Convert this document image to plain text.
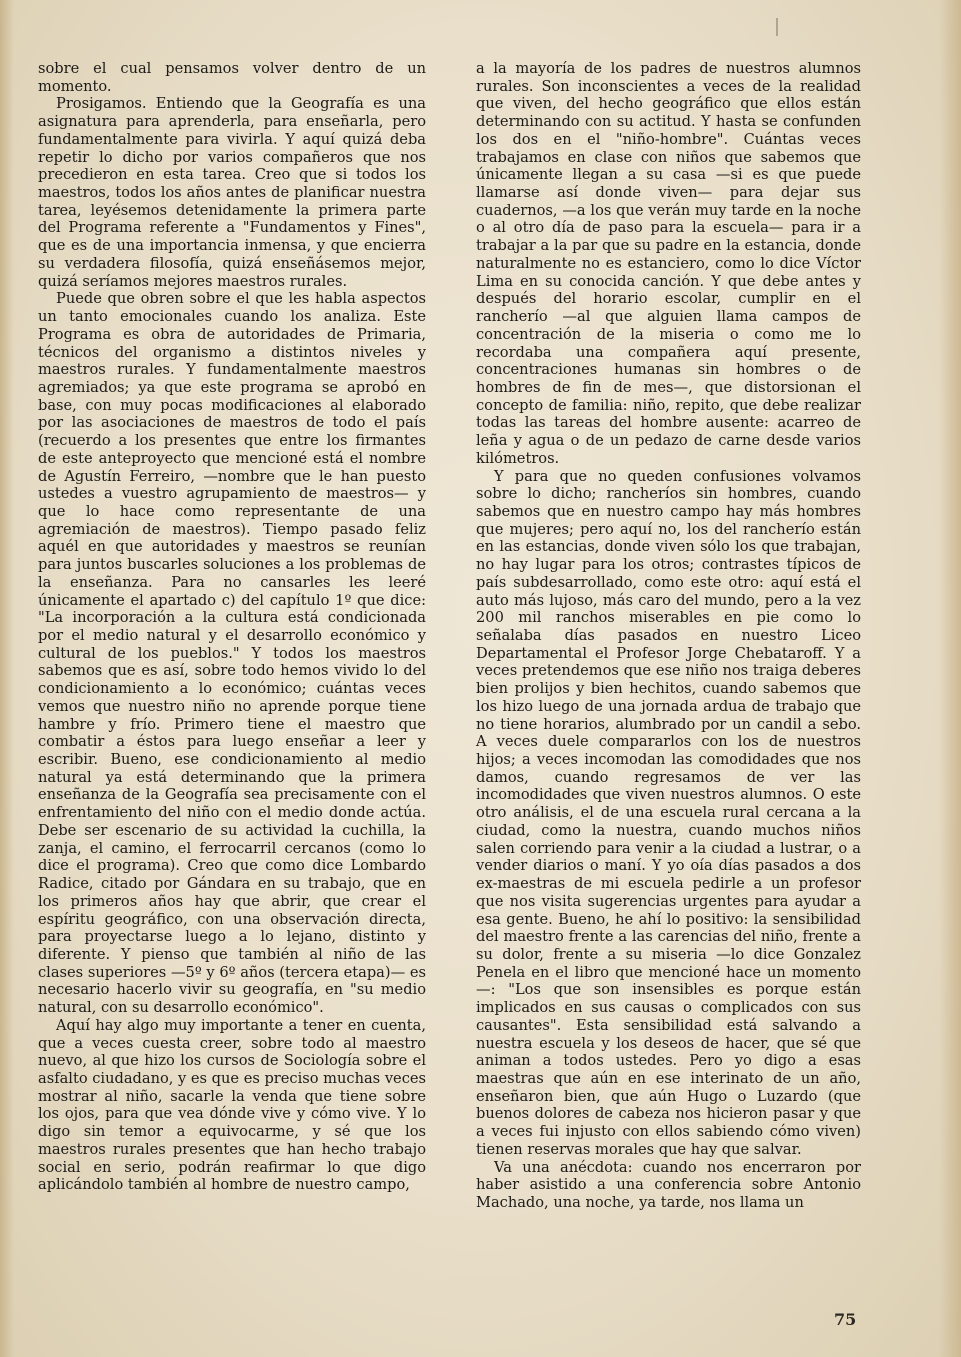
sobre el cual pensamos volver dentro de un momento.

Prosigamos. Entiendo que la Geografía es una asignatura para aprenderla, para enseñarla, pero fundamentalmente para vivirla. Y aquí quizá deba repetir lo dicho por varios compañeros que nos precedieron en esta tarea. Creo que si todos los maestros, todos los años antes de planificar nuestra tarea, leyésemos detenidamente la primera parte del Programa referente a "Fundamentos y Fines", que es de una importancia inmensa, y que encierra su verdadera filosofía, quizá enseñásemos mejor, quizá seríamos mejores maestros rurales.

Puede que obren sobre el que les habla aspectos un tanto emocionales cuando los analiza. Este Programa es obra de autoridades de Primaria, técnicos del organismo a distintos niveles y maestros rurales. Y fundamentalmente maestros agremiados; ya que este programa se aprobó en base, con muy pocas modificaciones al elaborado por las asociaciones de maestros de todo el país (recuerdo a los presentes que entre los firmantes de este anteproyecto que mencioné está el nombre de Agustín Ferreiro, —nombre que le han puesto ustedes a vuestro agrupamiento de maestros— y que lo hace como representante de una agremiación de maestros). Tiempo pasado feliz aquél en que autoridades y maestros se reunían para juntos buscarles soluciones a los problemas de la enseñanza. Para no cansarles les leeré únicamente el apartado c) del capítulo 1º que dice: "La incorporación a la cultura está condicionada por el medio natural y el desarrollo económico y cultural de los pueblos." Y todos los maestros sabemos que es así, sobre todo hemos vivido lo del condicionamiento a lo económico; cuántas veces vemos que nuestro niño no aprende porque tiene hambre y frío. Primero tiene el maestro que combatir a éstos para luego enseñar a leer y escribir. Bueno, ese condicionamiento al medio natural ya está determinando que la primera enseñanza de la Geografía sea precisamente con el enfrentamiento del niño con el medio donde actúa. Debe ser escenario de su actividad la cuchilla, la zanja, el camino, el ferrocarril cercanos (como lo dice el programa). Creo que como dice Lombardo Radice, citado por Gándara en su trabajo, que en los primeros años hay que abrir, que crear el espíritu geográfico, con una observación directa, para proyectarse luego a lo lejano, distinto y diferente. Y pienso que también al niño de las clases superiores —5º y 6º años (tercera etapa)— es necesario hacerlo vivir su geografía, en "su medio natural, con su desarrollo económico".

Aquí hay algo muy importante a tener en cuenta, que a veces cuesta creer, sobre todo al maestro nuevo, al que hizo los cursos de Sociología sobre el asfalto ciudadano, y es que es preciso muchas veces mostrar al niño, sacarle la venda que tiene sobre los ojos, para que vea dónde vive y cómo vive. Y lo digo sin temor a equivocarme, y sé que los maestros rurales presentes que han hecho trabajo social en serio, podrán reafirmar lo que digo aplicándolo también al hombre de nuestro campo,

a la mayoría de los padres de nuestros alumnos rurales. Son inconscientes a veces de la realidad que viven, del hecho geográfico que ellos están determinando con su actitud. Y hasta se confunden los dos en el "niño-hombre". Cuántas veces trabajamos en clase con niños que sabemos que únicamente llegan a su casa —si es que puede llamarse así donde viven— para dejar sus cuadernos, —a los que verán muy tarde en la noche o al otro día de paso para la escuela— para ir a trabajar a la par que su padre en la estancia, donde naturalmente no es estanciero, como lo dice Víctor Lima en su conocida canción. Y que debe antes y después del horario escolar, cumplir en el rancherío —al que alguien llama campos de concentración de la miseria o como me lo recordaba una compañera aquí presente, concentraciones humanas sin hombres o de hombres de fin de mes—, que distorsionan el concepto de familia: niño, repito, que debe realizar todas las tareas del hombre ausente: acarreo de leña y agua o de un pedazo de carne desde varios kilómetros.

Y para que no queden confusiones volvamos sobre lo dicho; rancheríos sin hombres, cuando sabemos que en nuestro campo hay más hombres que mujeres; pero aquí no, los del rancherío están en las estancias, donde viven sólo los que trabajan, no hay lugar para los otros; contrastes típicos de país subdesarrollado, como este otro: aquí está el auto más lujoso, más caro del mundo, pero a la vez 200 mil ranchos miserables en pie como lo señalaba días pasados en nuestro Liceo Departamental el Profesor Jorge Chebataroff. Y a veces pretendemos que ese niño nos traiga deberes bien prolijos y bien hechitos, cuando sabemos que los hizo luego de una jornada ardua de trabajo que no tiene horarios, alumbrado por un candil a sebo. A veces duele compararlos con los de nuestros hijos; a veces incomodan las comodidades que nos damos, cuando regresamos de ver las incomodidades que viven nuestros alumnos. O este otro análisis, el de una escuela rural cercana a la ciudad, como la nuestra, cuando muchos niños salen corriendo para venir a la ciudad a lustrar, o a vender diarios o maní. Y yo oía días pasados a dos ex-maestras de mi escuela pedirle a un profesor que nos visita sugerencias urgentes para ayudar a esa gente. Bueno, he ahí lo positivo: la sensibilidad del maestro frente a las carencias del niño, frente a su dolor, frente a su miseria —lo dice Gonzalez Penela en el libro que mencioné hace un momento—: "Los que son insensibles es porque están implicados en sus causas o complicados con sus causantes". Esta sensibilidad está salvando a nuestra escuela y los deseos de hacer, que sé que animan a todos ustedes. Pero yo digo a esas maestras que aún en ese interinato de un año, enseñaron bien, que aún Hugo o Luzardo (que buenos dolores de cabeza nos hicieron pasar y que a veces fui injusto con ellos sabiendo cómo viven) tienen reservas morales que hay que salvar.

Va una anécdota: cuando nos encerraron por haber asistido a una conferencia sobre Antonio Machado, una noche, ya tarde, nos llama un

75
